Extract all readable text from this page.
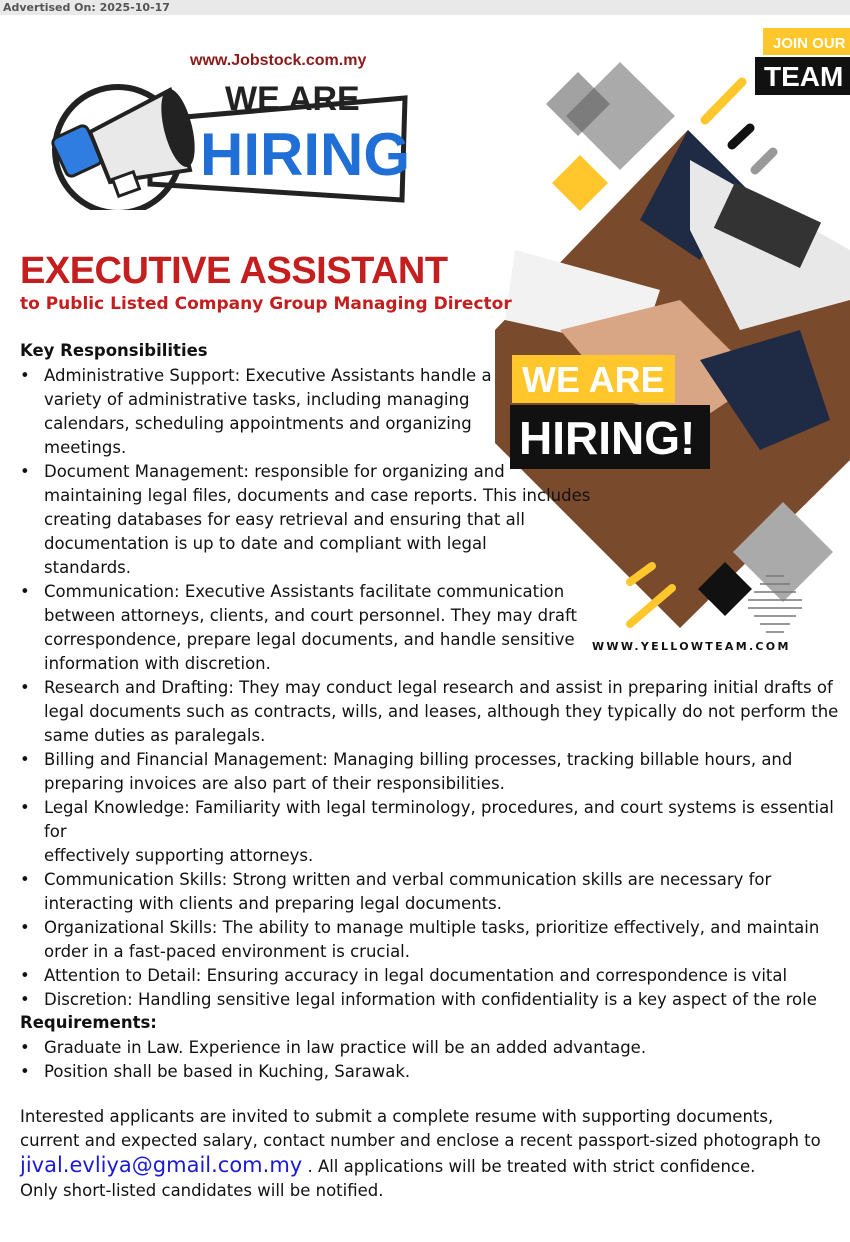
Advertised On: 2025-10-17
www.Jobstock.com.my
WE ARE
HIRING
JOIN OUR
TEAM
WE ARE
HIRING!
WWW.YELLOWTEAM.COM
EXECUTIVE ASSISTANT
to Public Listed Company Group Managing Director
Key Responsibilities
• Administrative Support: Executive Assistants handle a
variety of administrative tasks, including managing
calendars, scheduling appointments and organizing
meetings.
• Document Management: responsible for organizing and
maintaining legal files, documents and case reports. This includes
creating databases for easy retrieval and ensuring that all
documentation is up to date and compliant with legal
standards.
• Communication: Executive Assistants facilitate communication
between attorneys, clients, and court personnel. They may draft
correspondence, prepare legal documents, and handle sensitive
information with discretion.
• Research and Drafting: They may conduct legal research and assist in preparing initial drafts of
legal documents such as contracts, wills, and leases, although they typically do not perform the
same duties as paralegals.
• Billing and Financial Management: Managing billing processes, tracking billable hours, and
preparing invoices are also part of their responsibilities.
• Legal Knowledge: Familiarity with legal terminology, procedures, and court systems is essential for
effectively supporting attorneys.
• Communication Skills: Strong written and verbal communication skills are necessary for
interacting with clients and preparing legal documents.
• Organizational Skills: The ability to manage multiple tasks, prioritize effectively, and maintain
order in a fast-paced environment is crucial.
• Attention to Detail: Ensuring accuracy in legal documentation and correspondence is vital
• Discretion: Handling sensitive legal information with confidentiality is a key aspect of the role
Requirements:
• Graduate in Law. Experience in law practice will be an added advantage.
• Position shall be based in Kuching, Sarawak.
Interested applicants are invited to submit a complete resume with supporting documents,
current and expected salary, contact number and enclose a recent passport-sized photograph to
jival.evliya@gmail.com.my . All applications will be treated with strict confidence.
Only short-listed candidates will be notified.
